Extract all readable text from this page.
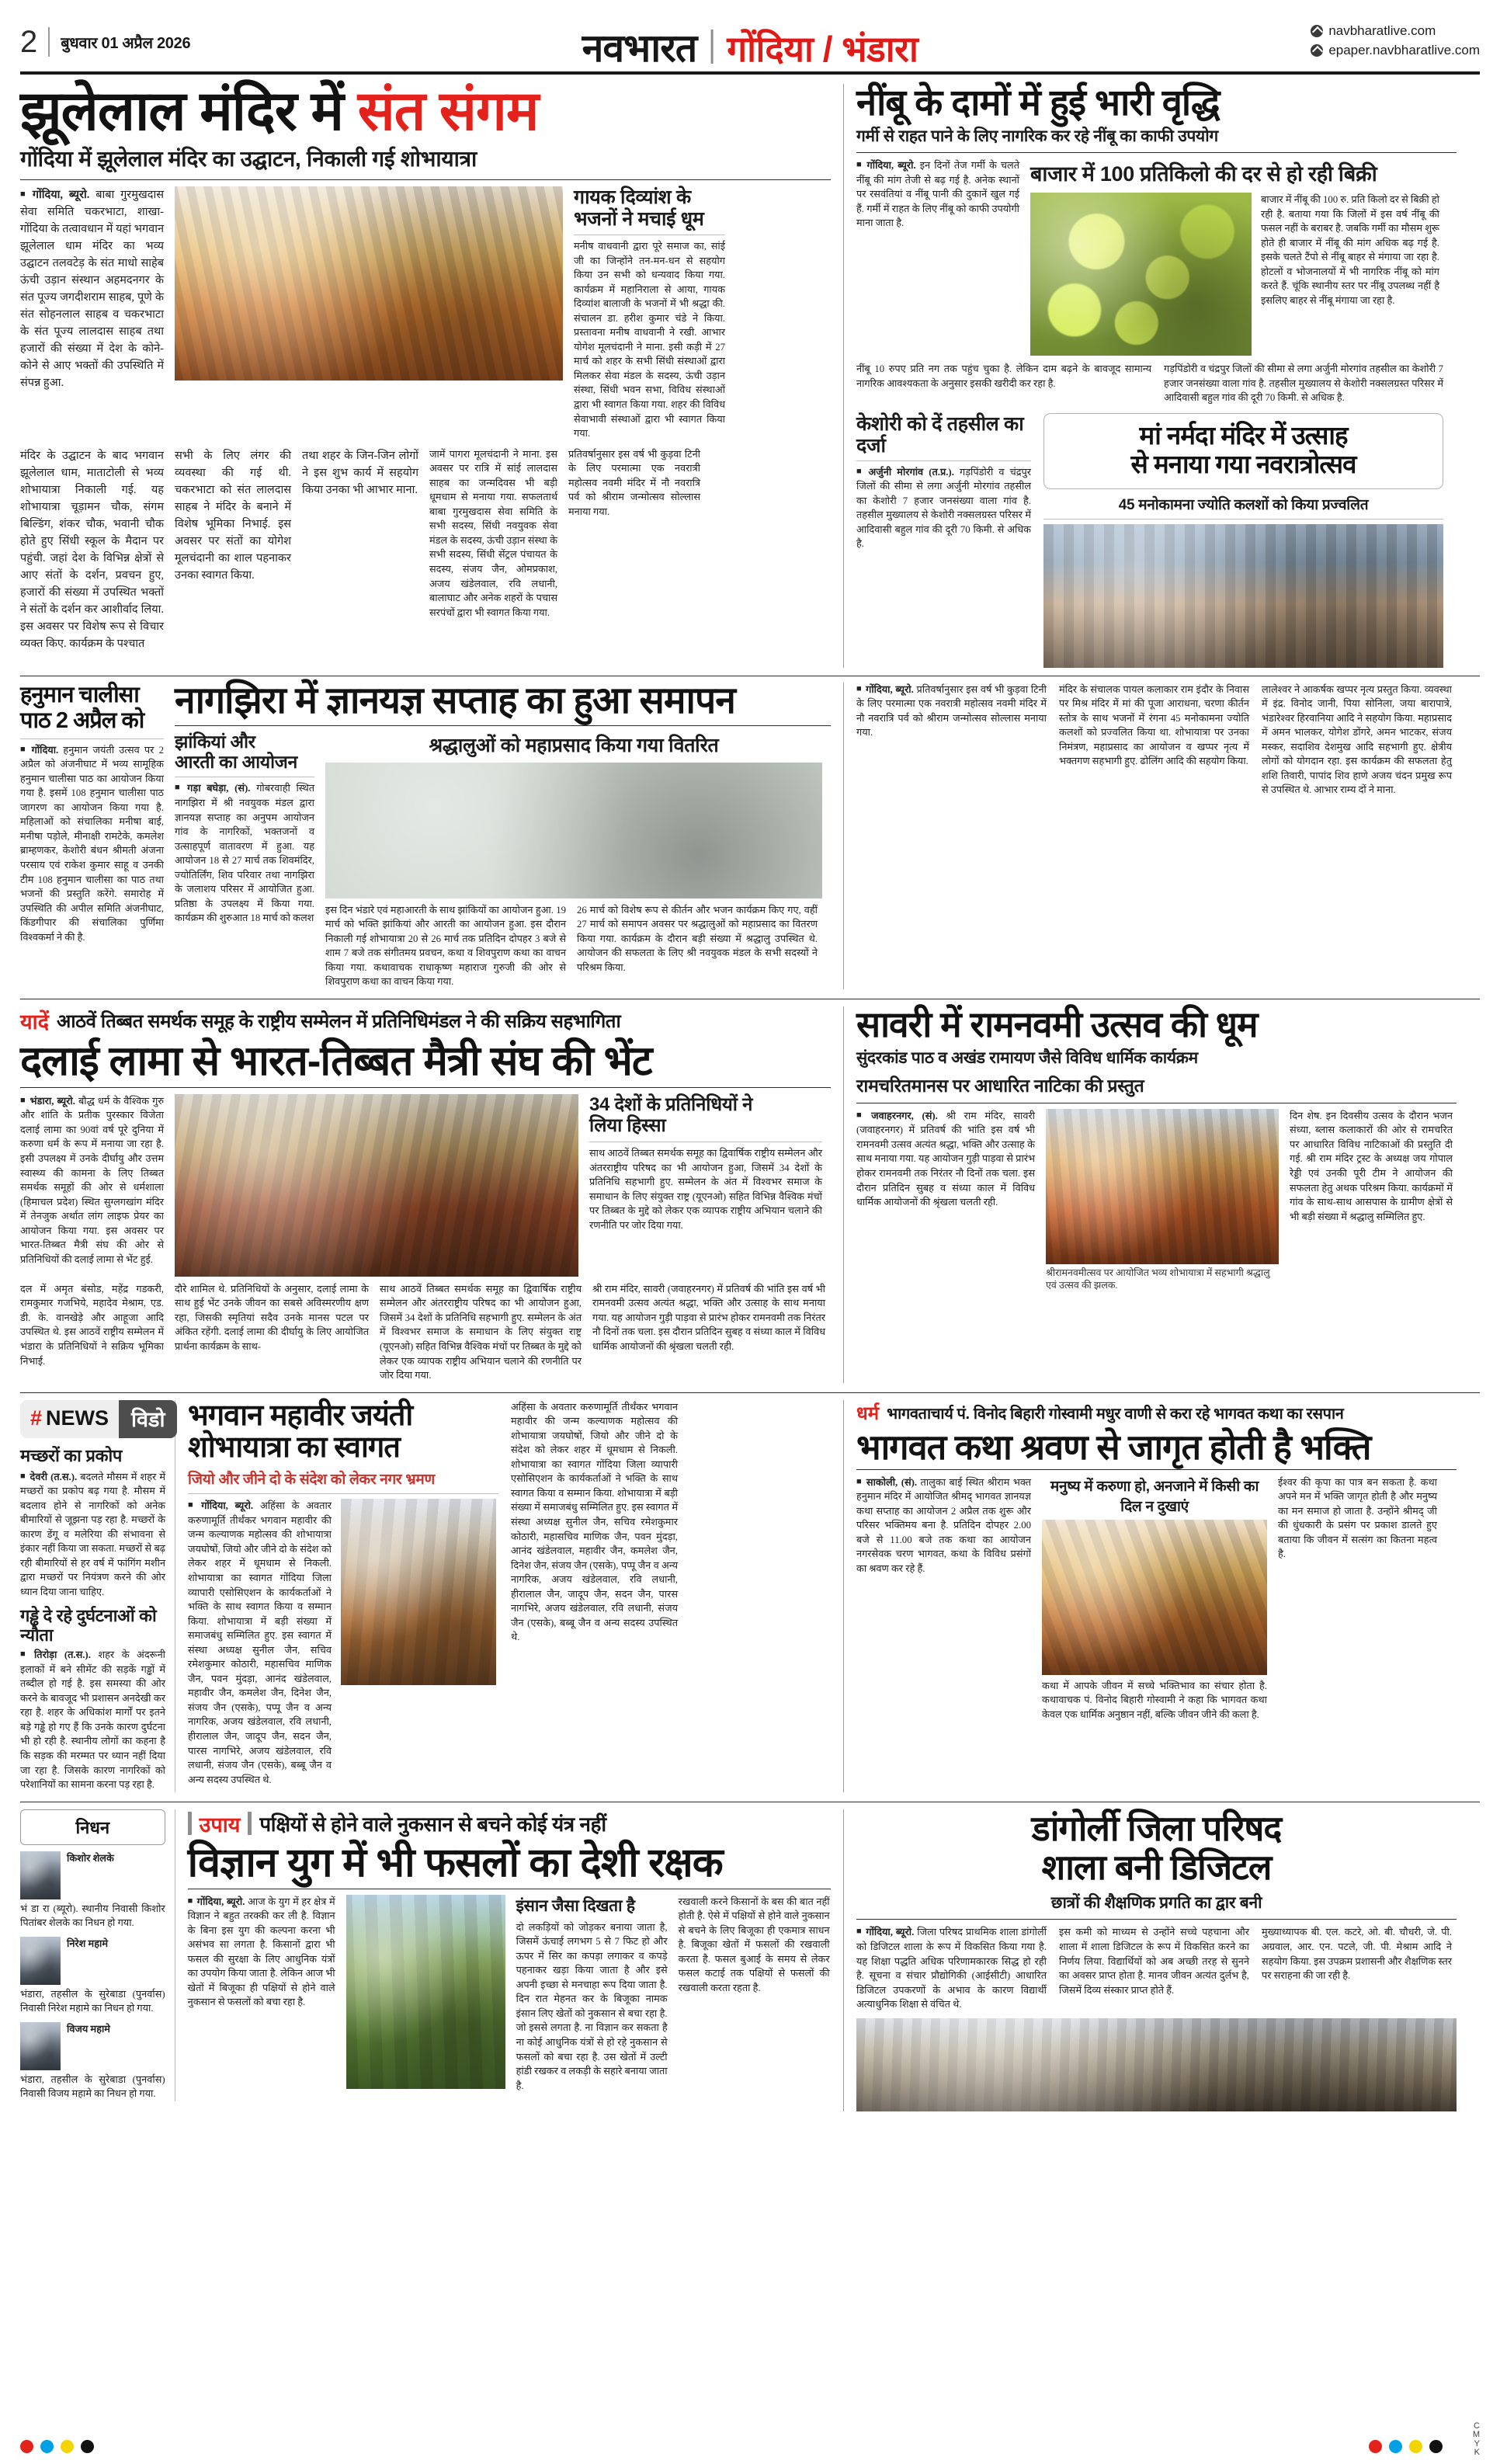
2 बुधवार 01 अप्रैल 2026	नवभारत गोंदिया / भंडारा	navbharatlive.com
epaper.navbharatlive.com
झूलेलाल मंदिर में संत संगम
गोंदिया में झूलेलाल मंदिर का उद्घाटन, निकाली गई शोभायात्रा

■ गोंदिया, ब्यूरो. बाबा गुरमुखदास सेवा समिति चकरभाटा, शाखा-गोंदिया के तत्वावधान में यहां भगवान झूलेलाल धाम मंदिर का भव्य उद्घाटन तलवटेड़ के संत माधो साहेब ऊंची उड़ान संस्थान अहमदनगर के संत पूज्य जगदीशराम साहब, पूणे के संत सोहनलाल साहब व चकरभाटा के संत पूज्य लालदास साहब तथा हजारों की संख्या में देश के कोने-कोने से आए भक्तों की उपस्थिति में संपन्न हुआ.

गायक दिव्यांश के भजनों ने मचाई धूम

मनीष वाधवानी द्वारा पूरे समाज का, सांई जी का जिन्होंने तन-मन-धन से सहयोग किया उन सभी को धन्यवाद किया गया. कार्यक्रम में महानिराला से आया, गायक दिव्यांश बालाजी के भजनों में भी श्रद्धा की. संचालन डा. हरीश कुमार चंडे ने किया. प्रस्तावना मनीष वाधवानी ने रखी. आभार योगेश मूलचंदानी ने माना. इसी कड़ी में 27 मार्च को शहर के सभी सिंधी संस्थाओं द्वारा मिलकर सेवा मंडल के सदस्य, ऊंची उड़ान संस्था, सिंधी भवन सभा, विविध संस्थाओं द्वारा भी स्वागत किया गया. शहर की विविध सेवाभावी संस्थाओं द्वारा भी स्वागत किया गया.

मंदिर के उद्घाटन के बाद भगवान झूलेलाल धाम, माताटोली से भव्य शोभायात्रा निकाली गई. यह शोभायात्रा चूड़ामन चौक, संगम बिल्डिंग, शंकर चौक, भवानी चौक होते हुए सिंधी स्कूल के मैदान पर पहुंची. जहां देश के विभिन्न क्षेत्रों से आए संतों के दर्शन, प्रवचन हुए, हजारों की संख्या में उपस्थित भक्तों ने संतों के दर्शन कर आशीर्वाद लिया. इस अवसर पर विशेष रूप से विचार व्यक्त किए. कार्यक्रम के पश्चात

सभी के लिए लंगर की व्यवस्था की गई थी. चकरभाटा को संत लालदास साहब ने मंदिर के बनाने में विशेष भूमिका निभाई. इस अवसर पर संतों का योगेश मूलचंदानी का शाल पहनाकर उनका स्वागत किया.

तथा शहर के जिन-जिन लोगों ने इस शुभ कार्य में सहयोग किया उनका भी आभार माना.

जामें पागरा मूलचंदानी ने माना. इस अवसर पर रात्रि में सांई लालदास साहब का जन्मदिवस भी बड़ी धूमधाम से मनाया गया. सफलतार्थ बाबा गुरमुखदास सेवा समिति के सभी सदस्य, सिंधी नवयुवक सेवा मंडल के सदस्य, ऊंची उड़ान संस्था के सभी सदस्य, सिंधी सेंट्रल पंचायत के सदस्य, संजय जैन, ओमप्रकाश, अजय खंडेलवाल, रवि लधानी, बालाघाट और अनेक शहरों के पचास सरपंचों द्वारा भी स्वागत किया गया.

प्रतिवर्षानुसार इस वर्ष भी कुड़वा टिनी के लिए परमात्मा एक नवरात्री महोत्सव नवमी मंदिर में नौ नवरात्रि पर्व को श्रीराम जन्मोत्सव सोल्लास मनाया गया.

नींबू के दामों में हुई भारी वृद्धि
गर्मी से राहत पाने के लिए नागरिक कर रहे नींबू का काफी उपयोग

■ गोंदिया, ब्यूरो. इन दिनों तेज गर्मी के चलते नींबू की मांग तेजी से बढ़ गई है. अनेक स्थानों पर रसवंतियां व नींबू पानी की दुकानें खुल गई हैं. गर्मी में राहत के लिए नींबू को काफी उपयोगी माना जाता है.

बाजार में 100 प्रतिकिलो की दर से हो रही बिक्री

बाजार में नींबू की 100 रु. प्रति किलो दर से बिक्री हो रही है. बताया गया कि जिलों में इस वर्ष नींबू की फसल नहीं के बराबर है. जबकि गर्मी का मौसम शुरू होते ही बाजार में नींबू की मांग अधिक बढ़ गई है. इसके चलते टैंपो से नींबू बाहर से मंगाया जा रहा है. होटलों व भोजनालयों में भी नागरिक नींबू को मांग करते हैं. चूंकि स्थानीय स्तर पर नींबू उपलब्ध नहीं है इसलिए बाहर से नींबू मंगाया जा रहा है.

नींबू 10 रुपए प्रति नग तक पहुंच चुका है. लेकिन दाम बढ़ने के बावजूद सामान्य नागरिक आवश्यकता के अनुसार इसकी खरीदी कर रहा है.

गड़पिंडोरी व चंद्रपुर जिलों की सीमा से लगा अर्जुनी मोरगांव तहसील का केशोरी 7 हजार जनसंख्या वाला गांव है. तहसील मुख्यालय से केशोरी नक्सलग्रस्त परिसर में आदिवासी बहुल गांव की दूरी 70 किमी. से अधिक है.

केशोरी को दें तहसील का दर्जा

■ अर्जुनी मोरगांव (त.प्र.). गड़पिंडोरी व चंद्रपुर जिलों की सीमा से लगा अर्जुनी मोरगांव तहसील का केशोरी 7 हजार जनसंख्या वाला गांव है. तहसील मुख्यालय से केशोरी नक्सलग्रस्त परिसर में आदिवासी बहुल गांव की दूरी 70 किमी. से अधिक है.

मां नर्मदा मंदिर में उत्साह
से मनाया गया नवरात्रोत्सव
45 मनोकामना ज्योति कलशों को किया प्रज्वलित
हनुमान चालीसा
पाठ 2 अप्रैल को

■ गोंदिया. हनुमान जयंती उत्सव पर 2 अप्रैल को अंजनीघाट में भव्य सामूहिक हनुमान चालीसा पाठ का आयोजन किया गया है. इसमें 108 हनुमान चालीसा पाठ जागरण का आयोजन किया गया है. महिलाओं को संचालिका मनीषा बाई, मनीषा पड़ोले, मीनाक्षी रामटेके, कमलेश ब्राम्हणकर, केशोरी बंधन श्रीमती अंजना परसाय एवं राकेश कुमार साहू व उनकी टीम 108 हनुमान चालीसा का पाठ तथा भजनों की प्रस्तुति करेंगे. समारोह में उपस्थिति की अपील समिति अंजनीघाट, किंडगीपार की संचालिका पुर्णिमा विश्वकर्मा ने की है.

नागझिरा में ज्ञानयज्ञ सप्ताह का हुआ समापन
झांकियां और
आरती का आयोजन

■ गड़ा बघेड़ा, (सं). गोबरवाही स्थित नागझिरा में श्री नवयुवक मंडल द्वारा ज्ञानयज्ञ सप्ताह का अनुपम आयोजन गांव के नागरिकों, भक्तजनों व उत्साहपूर्ण वातावरण में हुआ. यह आयोजन 18 से 27 मार्च तक शिवमंदिर, ज्योतिर्लिंग, शिव परिवार तथा नागझिरा के जलाशय परिसर में आयोजित हुआ. प्रतिष्ठा के उपलक्ष्य में किया गया. कार्यक्रम की शुरुआत 18 मार्च को कलश

श्रद्धालुओं को महाप्रसाद किया गया वितरित

इस दिन भंडारे एवं महाआरती के साथ झांकियों का आयोजन हुआ. 19 मार्च को भक्ति झांकियां और आरती का आयोजन हुआ. इस दौरान निकाली गई शोभायात्रा 20 से 26 मार्च तक प्रतिदिन दोपहर 3 बजे से शाम 7 बजे तक संगीतमय प्रवचन, कथा व शिवपुराण कथा का वाचन किया गया. कथावाचक राधाकृष्ण महाराज गुरुजी की ओर से शिवपुराण कथा का वाचन किया गया.

26 मार्च को विशेष रूप से कीर्तन और भजन कार्यक्रम किए गए, वहीं 27 मार्च को समापन अवसर पर श्रद्धालुओं को महाप्रसाद का वितरण किया गया. कार्यक्रम के दौरान बड़ी संख्या में श्रद्धालु उपस्थित थे. आयोजन की सफलता के लिए श्री नवयुवक मंडल के सभी सदस्यों ने परिश्रम किया.

■ गोंदिया, ब्यूरो. प्रतिवर्षानुसार इस वर्ष भी कुड़वा टिनी के लिए परमात्मा एक नवरात्री महोत्सव नवमी मंदिर में नौ नवरात्रि पर्व को श्रीराम जन्मोत्सव सोल्लास मनाया गया.

मंदिर के संचालक पायल कलाकार राम इंदौर के निवास पर मिश्र मंदिर में मां की पूजा आराधना, चरणा कीर्तन स्तोत्र के साथ भजनों में रंगना 45 मनोकामना ज्योति कलशों को प्रज्वलित किया था. शोभायात्रा पर उनका निमंत्रण, महाप्रसाद का आयोजन व खप्पर नृत्य में भक्तगण सहभागी हुए. ढोलिंग आदि की सहयोग किया.

लालेश्वर ने आकर्षक खप्पर नृत्य प्रस्तुत किया. व्यवस्था में इंद्र. विनोद जानी, पिया सोनिला, जया बारापात्रे, भंडारेश्वर हिरवानिया आदि ने सहयोग किया. महाप्रसाद में अमन भालकर, योगेश डोंगरे, अमन भाटकर, संजय मस्कर, सदाशिव देशमुख आदि सहभागी हुए. क्षेत्रीय लोगों को योगदान रहा. इस कार्यक्रम की सफलता हेतु शशि तिवारी, पापांद शिव हाणे अजय चंदन प्रमुख रूप से उपस्थित थे. आभार राम्य दों ने माना.

यादें आठवें तिब्बत समर्थक समूह के राष्ट्रीय सम्मेलन में प्रतिनिधिमंडल ने की सक्रिय सहभागिता
दलाई लामा से भारत-तिब्बत मैत्री संघ की भेंट

■ भंडारा, ब्यूरो. बौद्ध धर्म के वैश्विक गुरु और शांति के प्रतीक पुरस्कार विजेता दलाई लामा का 90वां वर्ष पूरे दुनिया में करुणा धर्म के रूप में मनाया जा रहा है. इसी उपलक्ष्य में उनके दीर्घायु और उत्तम स्वास्थ्य की कामना के लिए तिब्बत समर्थक समूहों की ओर से धर्मशाला (हिमाचल प्रदेश) स्थित सुग्लगखांग मंदिर में तेनजुक अर्थात लांग लाइफ प्रेयर का आयोजन किया गया. इस अवसर पर भारत-तिब्बत मैत्री संघ की ओर से प्रतिनिधियों की दलाई लामा से भेंट हुई.

34 देशों के प्रतिनिधियों ने
लिया हिस्सा

साथ आठवें तिब्बत समर्थक समूह का द्विवार्षिक राष्ट्रीय सम्मेलन और अंतरराष्ट्रीय परिषद का भी आयोजन हुआ, जिसमें 34 देशों के प्रतिनिधि सहभागी हुए. सम्मेलन के अंत में विश्वभर समाज के समाधान के लिए संयुक्त राष्ट्र (यूएनओ) सहित विभिन्न वैश्विक मंचों पर तिब्बत के मुद्दे को लेकर एक व्यापक राष्ट्रीय अभियान चलाने की रणनीति पर जोर दिया गया.

दल में अमृत बंसोड, महेंद्र गडकरी, रामकुमार गजभिये, महादेव मेश्राम, एड. डी. के. वानखेड़े और आहूजा आदि उपस्थित थे. इस आठवें राष्ट्रीय सम्मेलन में भंडारा के प्रतिनिधियों ने सक्रिय भूमिका निभाई.

दौरे शामिल थे. प्रतिनिधियों के अनुसार, दलाई लामा के साथ हुई भेंट उनके जीवन का सबसे अविस्मरणीय क्षण रहा, जिसकी स्मृतियां सदैव उनके मानस पटल पर अंकित रहेंगी. दलाई लामा की दीर्घायु के लिए आयोजित प्रार्थना कार्यक्रम के साथ-

साथ आठवें तिब्बत समर्थक समूह का द्विवार्षिक राष्ट्रीय सम्मेलन और अंतरराष्ट्रीय परिषद का भी आयोजन हुआ, जिसमें 34 देशों के प्रतिनिधि सहभागी हुए. सम्मेलन के अंत में विश्वभर समाज के समाधान के लिए संयुक्त राष्ट्र (यूएनओ) सहित विभिन्न वैश्विक मंचों पर तिब्बत के मुद्दे को लेकर एक व्यापक राष्ट्रीय अभियान चलाने की रणनीति पर जोर दिया गया.

श्री राम मंदिर, सावरी (जवाहरनगर) में प्रतिवर्ष की भांति इस वर्ष भी रामनवमी उत्सव अत्यंत श्रद्धा, भक्ति और उत्साह के साथ मनाया गया. यह आयोजन गुड़ी पाड़वा से प्रारंभ होकर रामनवमी तक निरंतर नौ दिनों तक चला. इस दौरान प्रतिदिन सुबह व संध्या काल में विविध धार्मिक आयोजनों की श्रृंखला चलती रही.

सावरी में रामनवमी उत्सव की धूम
सुंदरकांड पाठ व अखंड रामायण जैसे विविध धार्मिक कार्यक्रम
रामचरितमानस पर आधारित नाटिका की प्रस्तुत

■ जवाहरनगर, (सं). श्री राम मंदिर, सावरी (जवाहरनगर) में प्रतिवर्ष की भांति इस वर्ष भी रामनवमी उत्सव अत्यंत श्रद्धा, भक्ति और उत्साह के साथ मनाया गया. यह आयोजन गुड़ी पाड़वा से प्रारंभ होकर रामनवमी तक निरंतर नौ दिनों तक चला. इस दौरान प्रतिदिन सुबह व संध्या काल में विविध धार्मिक आयोजनों की श्रृंखला चलती रही.

श्रीरामनवमीत्सव पर आयोजित भव्य शोभायात्रा में सहभागी श्रद्धालु एवं उत्सव की झलक.

दिन शेष. इन दिवसीय उत्सव के दौरान भजन संध्या, ब्लास कलाकारों की ओर से रामचरित पर आधारित विविध नाटिकाओं की प्रस्तुति दी गई. श्री राम मंदिर ट्रस्ट के अध्यक्ष जय गोपाल रेड्डी एवं उनकी पूरी टीम ने आयोजन की सफलता हेतु अथक परिश्रम किया. कार्यक्रमों में गांव के साथ-साथ आसपास के ग्रामीण क्षेत्रों से भी बड़ी संख्या में श्रद्धालु सम्मिलित हुए.

# NEWS	विडो
मच्छरों का प्रकोप

■ देवरी (त.स.). बदलते मौसम में शहर में मच्छरों का प्रकोप बढ़ गया है. मौसम में बदलाव होने से नागरिकों को अनेक बीमारियों से जूझना पड़ रहा है. मच्छरों के कारण डेंगू व मलेरिया की संभावना से इंकार नहीं किया जा सकता. मच्छरों से बढ़ रही बीमारियों से हर वर्ष में फांगिंग मशीन द्वारा मच्छरों पर नियंत्रण करने की ओर ध्यान दिया जाना चाहिए.

गड्ढे दे रहे दुर्घटनाओं को न्यौता

■ तिरोड़ा (त.स.). शहर के अंदरूनी इलाकों में बने सीमेंट की सड़कें गड्ढों में तब्दील हो गई है. इस समस्या की ओर करने के बावजूद भी प्रशासन अनदेखी कर रहा है. शहर के अधिकांश मार्गों पर इतने बड़े गड्ढे हो गए हैं कि उनके कारण दुर्घटना भी हो रही है. स्थानीय लोगों का कहना है कि सड़क की मरम्मत पर ध्यान नहीं दिया जा रहा है. जिसके कारण नागरिकों को परेशानियों का सामना करना पड़ रहा है.

भगवान महावीर जयंती
शोभायात्रा का स्वागत
जियो और जीने दो के संदेश को लेकर नगर भ्रमण

■ गोंदिया, ब्यूरो. अहिंसा के अवतार करुणामूर्ति तीर्थंकर भगवान महावीर की जन्म कल्याणक महोत्सव की शोभायात्रा जयघोषों, जियो और जीने दो के संदेश को लेकर शहर में धूमधाम से निकली. शोभायात्रा का स्वागत गोंदिया जिला व्यापारी एसोसिएशन के कार्यकर्ताओं ने भक्ति के साथ स्वागत किया व सम्मान किया. शोभायात्रा में बड़ी संख्या में समाजबंधु सम्मिलित हुए. इस स्वागत में संस्था अध्यक्ष सुनील जैन, सचिव रमेशकुमार कोठारी, महासचिव माणिक जैन, पवन मुंदड़ा, आनंद खंडेलवाल, महावीर जैन, कमलेश जैन, दिनेश जैन, संजय जैन (एसके), पप्पू जैन व अन्य नागरिक, अजय खंडेलवाल, रवि लधानी, हीरालाल जैन, जादूप जैन, सदन जैन, पारस नागभिरे, अजय खंडेलवाल, रवि लधानी, संजय जैन (एसके), बब्बू जैन व अन्य सदस्य उपस्थित थे.

अहिंसा के अवतार करुणामूर्ति तीर्थंकर भगवान महावीर की जन्म कल्याणक महोत्सव की शोभायात्रा जयघोषों, जियो और जीने दो के संदेश को लेकर शहर में धूमधाम से निकली. शोभायात्रा का स्वागत गोंदिया जिला व्यापारी एसोसिएशन के कार्यकर्ताओं ने भक्ति के साथ स्वागत किया व सम्मान किया. शोभायात्रा में बड़ी संख्या में समाजबंधु सम्मिलित हुए. इस स्वागत में संस्था अध्यक्ष सुनील जैन, सचिव रमेशकुमार कोठारी, महासचिव माणिक जैन, पवन मुंदड़ा, आनंद खंडेलवाल, महावीर जैन, कमलेश जैन, दिनेश जैन, संजय जैन (एसके), पप्पू जैन व अन्य नागरिक, अजय खंडेलवाल, रवि लधानी, हीरालाल जैन, जादूप जैन, सदन जैन, पारस नागभिरे, अजय खंडेलवाल, रवि लधानी, संजय जैन (एसके), बब्बू जैन व अन्य सदस्य उपस्थित थे.

धर्म भागवताचार्य पं. विनोद बिहारी गोस्वामी मधुर वाणी से करा रहे भागवत कथा का रसपान
भागवत कथा श्रवण से जागृत होती है भक्ति

■ साकोली, (सं). तालुका बाई स्थित श्रीराम भक्त हनुमान मंदिर में आयोजित श्रीमद् भागवत ज्ञानयज्ञ कथा सप्ताह का आयोजन 2 अप्रैल तक शुरू और परिसर भक्तिमय बना है. प्रतिदिन दोपहर 2.00 बजे से 11.00 बजे तक कथा का आयोजन नगरसेवक चरण भागवत, कथा के विविध प्रसंगों का श्रवण कर रहे हैं.

मनुष्य में करुणा हो, अनजाने में किसी का दिल न दुखाएं

कथा में आपके जीवन में सच्चे भक्तिभाव का संचार होता है. कथावाचक पं. विनोद बिहारी गोस्वामी ने कहा कि भागवत कथा केवल एक धार्मिक अनुष्ठान नहीं, बल्कि जीवन जीने की कला है.

ईश्वर की कृपा का पात्र बन सकता है. कथा अपने मन में भक्ति जागृत होती है और मनुष्य का मन समाज हो जाता है. उन्होंने श्रीमद् जी की धुंधकारी के प्रसंग पर प्रकाश डालते हुए बताया कि जीवन में सत्संग का कितना महत्व है.

निधन
किशोर शेलके

भं डा रा (ब्यूरो). स्थानीय निवासी किशोर पितांबर शेलके का निधन हो गया.

निरेश महामे

भंडारा, तहसील के सुरेबाडा (पुनर्वास) निवासी निरेश महामे का निधन हो गया.

विजय महामे

भंडारा, तहसील के सुरेबाडा (पुनर्वास) निवासी विजय महामे का निधन हो गया.

उपाय पक्षियों से होने वाले नुकसान से बचने कोई यंत्र नहीं
विज्ञान युग में भी फसलों का देशी रक्षक

■ गोंदिया, ब्यूरो. आज के युग में हर क्षेत्र में विज्ञान ने बहुत तरक्की कर ली है. विज्ञान के बिना इस युग की कल्पना करना भी असंभव सा लगता है. किसानों द्वारा भी फसल की सुरक्षा के लिए आधुनिक यंत्रों का उपयोग किया जाता है. लेकिन आज भी खेतों में बिजूका ही पक्षियों से होने वाले नुकसान से फसलों को बचा रहा है.

इंसान जैसा दिखता है

दो लकड़ियों को जोड़कर बनाया जाता है, जिसमें ऊंचाई लगभग 5 से 7 फिट हो और ऊपर में सिर का कपड़ा लगाकर व कपड़े पहनाकर खड़ा किया जाता है और इसे अपनी इच्छा से मनचाहा रूप दिया जाता है. दिन रात मेहनत कर के बिजूका नामक इंसान लिए खेतों को नुकसान से बचा रहा है. जो इससे लगता है. ना विज्ञान कर सकता है ना कोई आधुनिक यंत्रों से हो रहे नुकसान से फसलों को बचा रहा है. उस खेतों में उल्टी हांडी रखकर व लकड़ी के सहारे बनाया जाता है.

रखवाली करने किसानों के बस की बात नहीं होती है. ऐसे में पक्षियों से होने वाले नुकसान से बचने के लिए बिजूका ही एकमात्र साधन है. बिजूका खेतों में फसलों की रखवाली करता है. फसल बुआई के समय से लेकर फसल कटाई तक पक्षियों से फसलों की रखवाली करता रहता है.

डांगोर्ली जिला परिषद
शाला बनी डिजिटल
छात्रों की शैक्षणिक प्रगति का द्वार बनी

■ गोंदिया, ब्यूरो. जिला परिषद प्राथमिक शाला डांगोर्ली को डिजिटल शाला के रूप में विकसित किया गया है. यह शिक्षा पद्धति अधिक परिणामकारक सिद्ध हो रही है. सूचना व संचार प्रौद्योगिकी (आईसीटी) आधारित डिजिटल उपकरणों के अभाव के कारण विद्यार्थी अत्याधुनिक शिक्षा से वंचित थे.

इस कमी को माध्यम से उन्होंने सच्चे पहचाना और शाला में शाला डिजिटल के रूप में विकसित करने का निर्णय लिया. विद्यार्थियों को अब अच्छी तरह से सुनने का अवसर प्राप्त होता है. मानव जीवन अत्यंत दुर्लभ है, जिसमें दिव्य संस्कार प्राप्त होते हैं.

मुख्याध्यापक बी. एल. कटरे, ओ. बी. चौधरी, जे. पी. अग्रवाल, आर. एन. पटले, जी. पी. मेश्राम आदि ने सहयोग किया. इस उपक्रम प्रशासनी और शैक्षणिक स्तर पर सराहना की जा रही है.

C
M
Y
K
